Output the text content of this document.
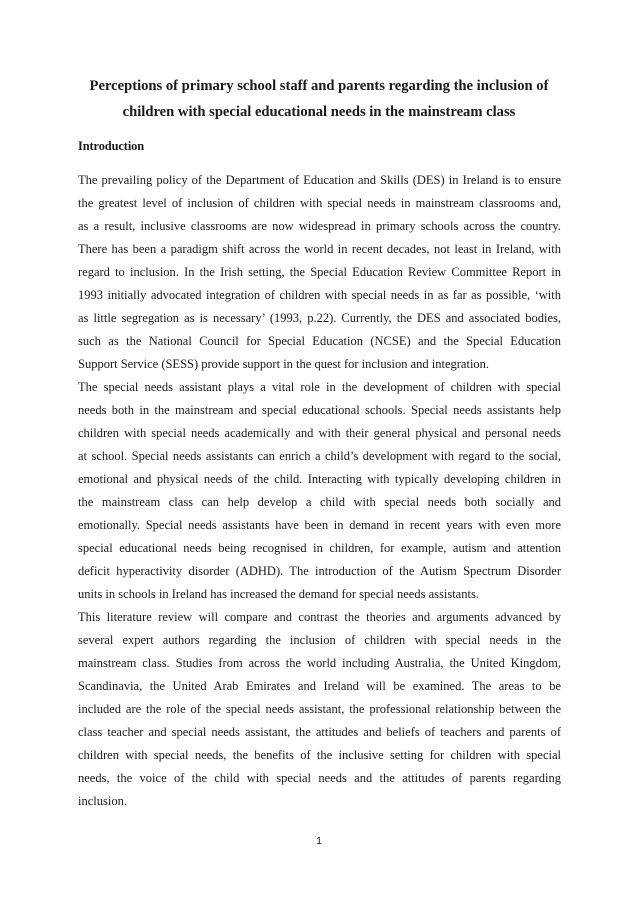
Perceptions of primary school staff and parents regarding the inclusion of
children with special educational needs in the mainstream class
Introduction

The prevailing policy of the Department of Education and Skills (DES) in Ireland is to ensure
the greatest level of inclusion of children with special needs in mainstream classrooms and,
as a result, inclusive classrooms are now widespread in primary schools across the country.
There has been a paradigm shift across the world in recent decades, not least in Ireland, with
regard to inclusion. In the Irish setting, the Special Education Review Committee Report in
1993 initially advocated integration of children with special needs in as far as possible, ‘with
as little segregation as is necessary’ (1993, p.22). Currently, the DES and associated bodies,
such as the National Council for Special Education (NCSE) and the Special Education
Support Service (SESS) provide support in the quest for inclusion and integration.

The special needs assistant plays a vital role in the development of children with special
needs both in the mainstream and special educational schools. Special needs assistants help
children with special needs academically and with their general physical and personal needs
at school. Special needs assistants can enrich a child’s development with regard to the social,
emotional and physical needs of the child. Interacting with typically developing children in
the mainstream class can help develop a child with special needs both socially and
emotionally. Special needs assistants have been in demand in recent years with even more
special educational needs being recognised in children, for example, autism and attention
deficit hyperactivity disorder (ADHD). The introduction of the Autism Spectrum Disorder
units in schools in Ireland has increased the demand for special needs assistants.

This literature review will compare and contrast the theories and arguments advanced by
several expert authors regarding the inclusion of children with special needs in the
mainstream class. Studies from across the world including Australia, the United Kingdom,
Scandinavia, the United Arab Emirates and Ireland will be examined. The areas to be
included are the role of the special needs assistant, the professional relationship between the
class teacher and special needs assistant, the attitudes and beliefs of teachers and parents of
children with special needs, the benefits of the inclusive setting for children with special
needs, the voice of the child with special needs and the attitudes of parents regarding
inclusion.

1
